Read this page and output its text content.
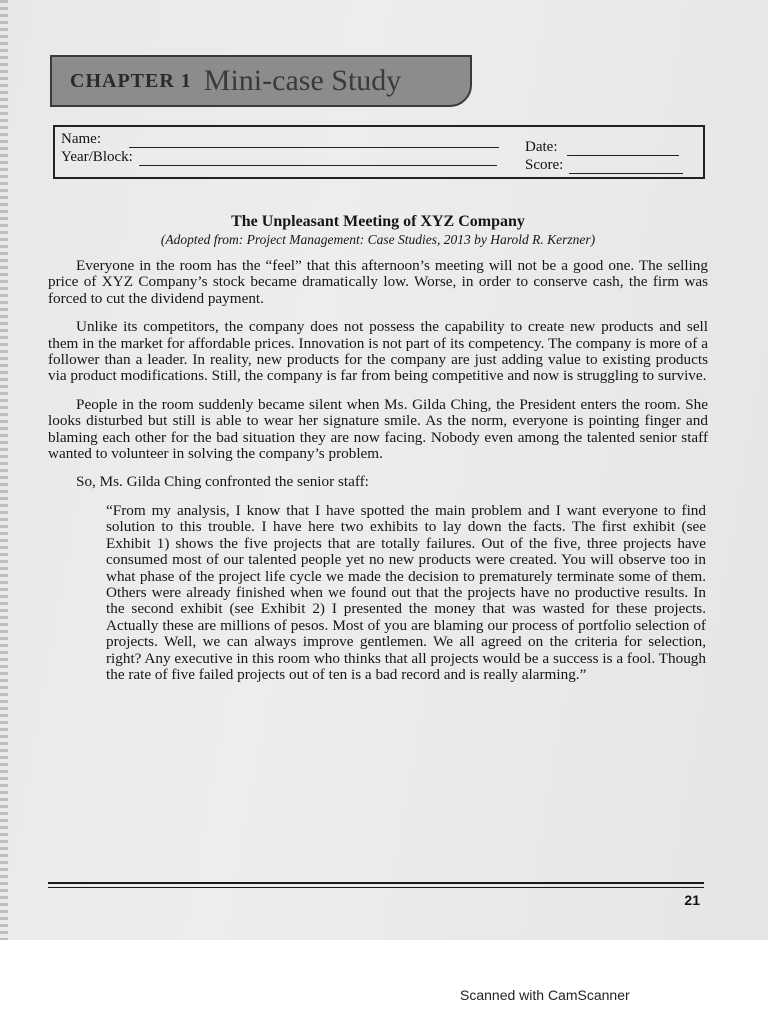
CHAPTER 1 Mini-case Study
Name:
Year/Block:
Date:
Score:

The Unpleasant Meeting of XYZ Company

(Adopted from: Project Management: Case Studies, 2013 by Harold R. Kerzner)

Everyone in the room has the “feel” that this afternoon’s meeting will not be a good one. The selling price of XYZ Company’s stock became dramatically low. Worse, in order to conserve cash, the firm was forced to cut the dividend payment.

Unlike its competitors, the company does not possess the capability to create new products and sell them in the market for affordable prices. Innovation is not part of its competency. The company is more of a follower than a leader. In reality, new products for the company are just adding value to existing products via product modifications. Still, the company is far from being competitive and now is struggling to survive.

People in the room suddenly became silent when Ms. Gilda Ching, the President enters the room. She looks disturbed but still is able to wear her signature smile. As the norm, everyone is pointing finger and blaming each other for the bad situation they are now facing. Nobody even among the talented senior staff wanted to volunteer in solving the company’s problem.

So, Ms. Gilda Ching confronted the senior staff:

“From my analysis, I know that I have spotted the main problem and I want everyone to find solution to this trouble. I have here two exhibits to lay down the facts. The first exhibit (see Exhibit 1) shows the five projects that are totally failures. Out of the five, three projects have consumed most of our talented people yet no new products were created. You will observe too in what phase of the project life cycle we made the decision to prematurely terminate some of them. Others were already finished when we found out that the projects have no productive results. In the second exhibit (see Exhibit 2) I presented the money that was wasted for these projects. Actually these are millions of pesos. Most of you are blaming our process of portfolio selection of projects. Well, we can always improve gentlemen. We all agreed on the criteria for selection, right? Any executive in this room who thinks that all projects would be a success is a fool. Though the rate of five failed projects out of ten is a bad record and is really alarming.”

21
Scanned with CamScanner
